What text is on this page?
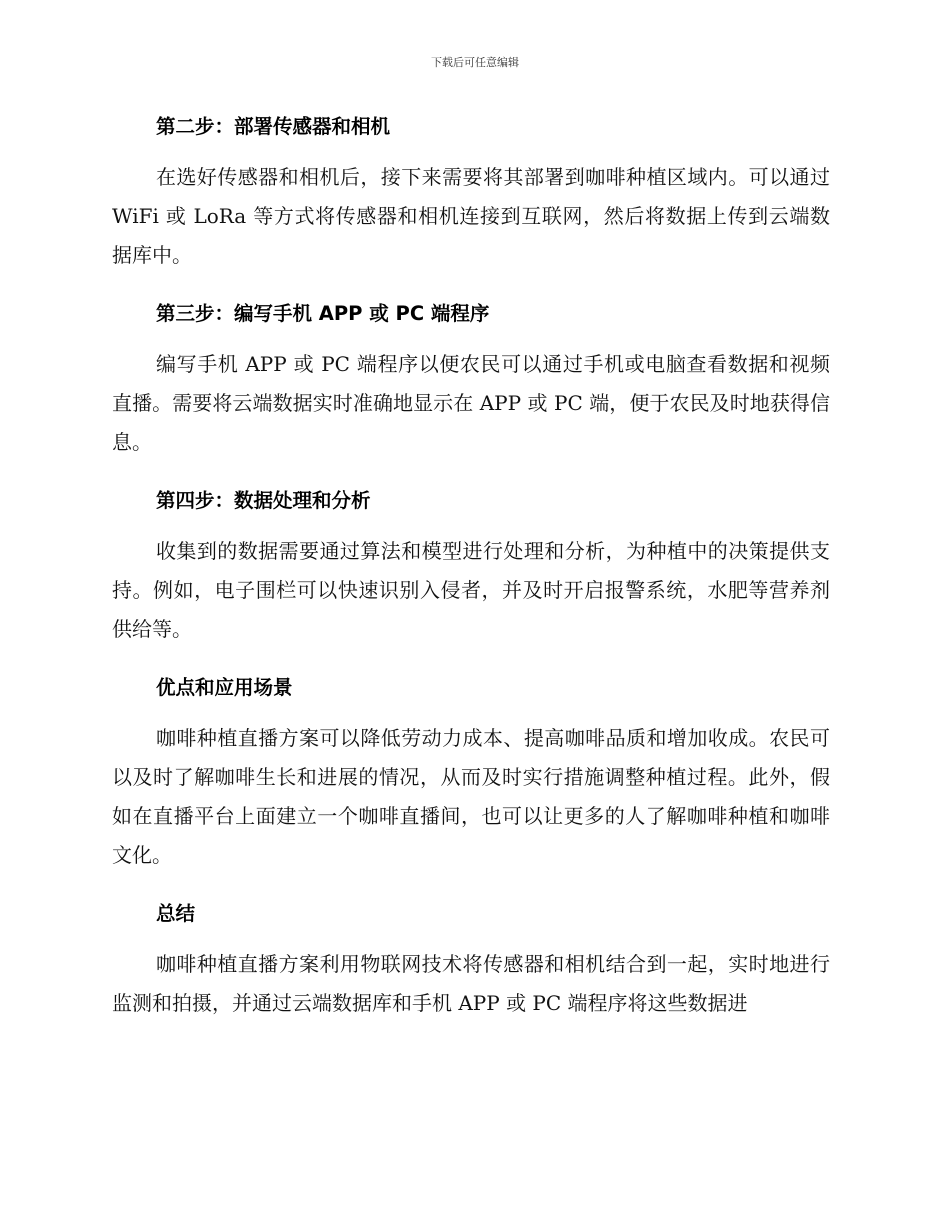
下载后可任意编辑
第二步：部署传感器和相机

在选好传感器和相机后，接下来需要将其部署到咖啡种植区域内。可以通过 WiFi 或 LoRa 等方式将传感器和相机连接到互联网，然后将数据上传到云端数据库中。

第三步：编写手机 APP 或 PC 端程序

编写手机 APP 或 PC 端程序以便农民可以通过手机或电脑查看数据和视频直播。需要将云端数据实时准确地显示在 APP 或 PC 端，便于农民及时地获得信息。

第四步：数据处理和分析

收集到的数据需要通过算法和模型进行处理和分析，为种植中的决策提供支持。例如，电子围栏可以快速识别入侵者，并及时开启报警系统，水肥等营养剂供给等。

优点和应用场景

咖啡种植直播方案可以降低劳动力成本、提高咖啡品质和增加收成。农民可以及时了解咖啡生长和进展的情况，从而及时实行措施调整种植过程。此外，假如在直播平台上面建立一个咖啡直播间，也可以让更多的人了解咖啡种植和咖啡文化。

总结

咖啡种植直播方案利用物联网技术将传感器和相机结合到一起，实时地进行监测和拍摄，并通过云端数据库和手机 APP 或 PC 端程序将这些数据进
